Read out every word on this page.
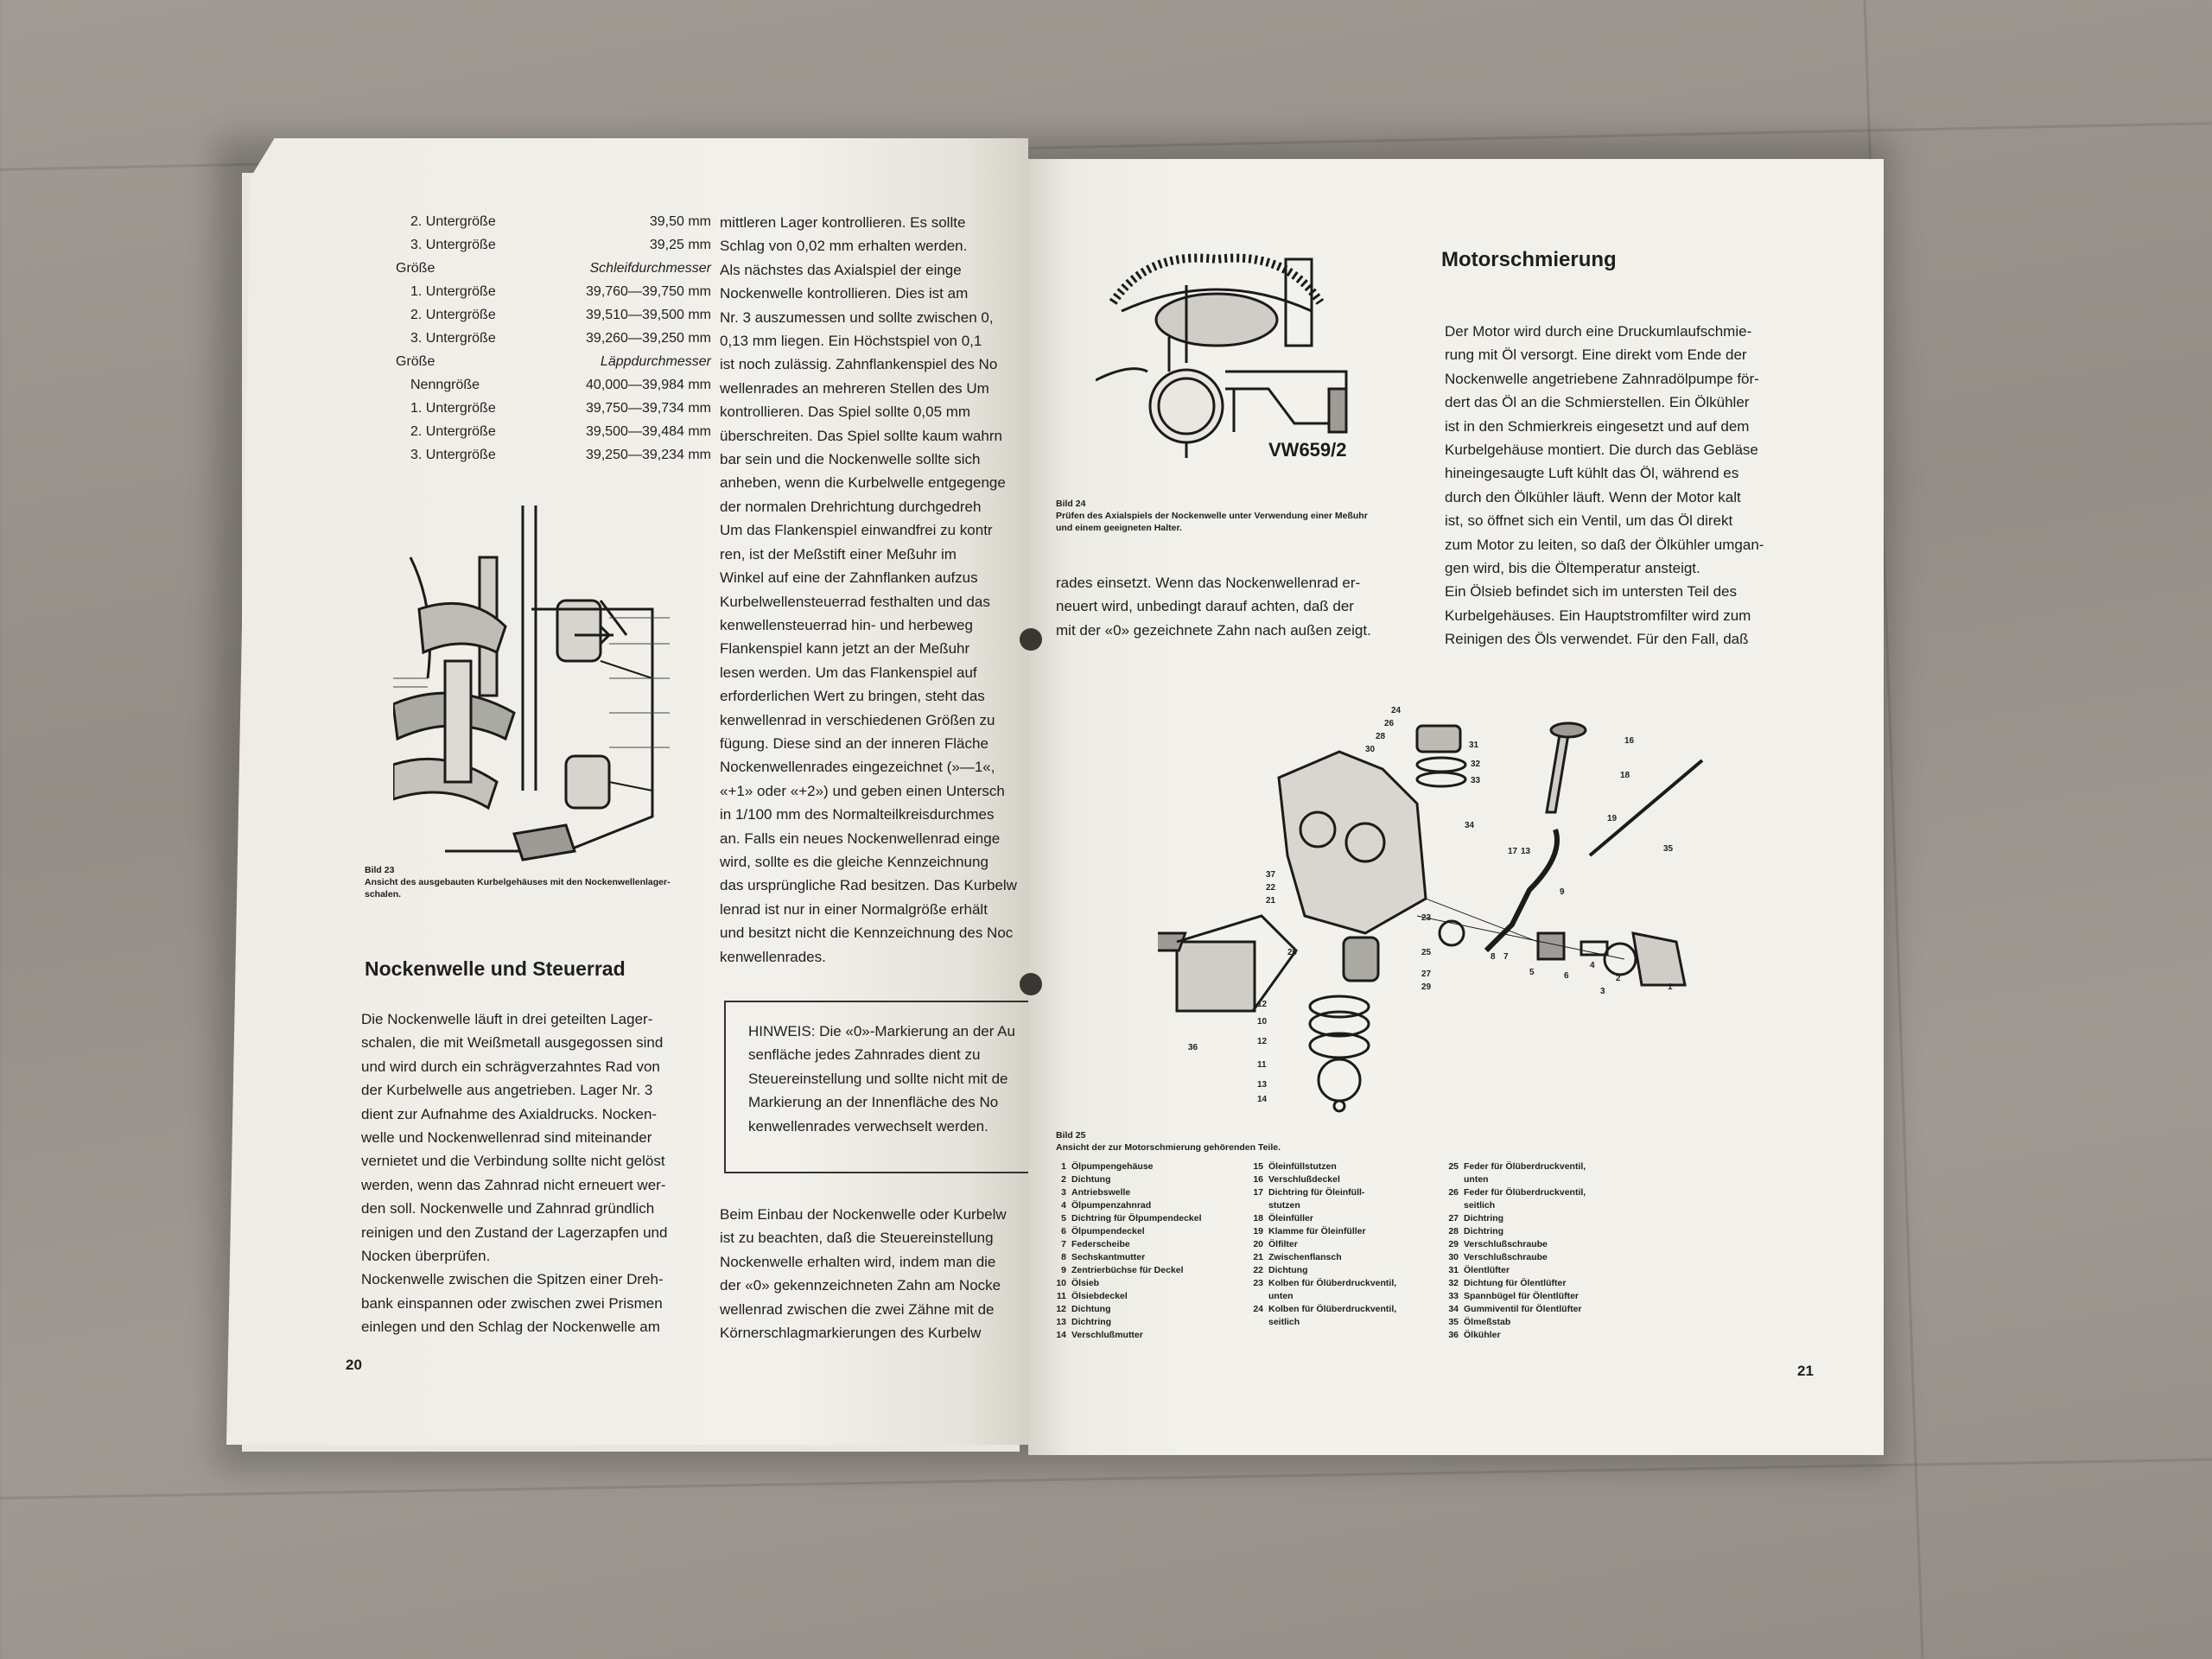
2. Untergröße	39,50 mm
3. Untergröße	39,25 mm
Größe	Schleifdurchmesser
1. Untergröße	39,760—39,750 mm
2. Untergröße	39,510—39,500 mm
3. Untergröße	39,260—39,250 mm
Größe	Läppdurchmesser
Nenngröße	40,000—39,984 mm
1. Untergröße	39,750—39,734 mm
2. Untergröße	39,500—39,484 mm
3. Untergröße	39,250—39,234 mm
Bild 23
Ansicht des ausgebauten Kurbelgehäuses mit den Nockenwellenlager-
schalen.
Nockenwelle und Steuerrad
Die Nockenwelle läuft in drei geteilten Lager-
schalen, die mit Weißmetall ausgegossen sind
und wird durch ein schrägverzahntes Rad von
der Kurbelwelle aus angetrieben. Lager Nr. 3
dient zur Aufnahme des Axialdrucks. Nocken-
welle und Nockenwellenrad sind miteinander
vernietet und die Verbindung sollte nicht gelöst
werden, wenn das Zahnrad nicht erneuert wer-
den soll. Nockenwelle und Zahnrad gründlich
reinigen und den Zustand der Lagerzapfen und
Nocken überprüfen.
Nockenwelle zwischen die Spitzen einer Dreh-
bank einspannen oder zwischen zwei Prismen
einlegen und den Schlag der Nockenwelle am
mittleren Lager kontrollieren. Es sollte
Schlag von 0,02 mm erhalten werden.
Als nächstes das Axialspiel der einge
Nockenwelle kontrollieren. Dies ist am
Nr. 3 auszumessen und sollte zwischen 0,
0,13 mm liegen. Ein Höchstspiel von 0,1
ist noch zulässig. Zahnflankenspiel des No
wellenrades an mehreren Stellen des Um
kontrollieren. Das Spiel sollte 0,05 mm
überschreiten. Das Spiel sollte kaum wahrn
bar sein und die Nockenwelle sollte sich
anheben, wenn die Kurbelwelle entgegenge
der normalen Drehrichtung durchgedreh
Um das Flankenspiel einwandfrei zu kontr
ren, ist der Meßstift einer Meßuhr im
Winkel auf eine der Zahnflanken aufzus
Kurbelwellensteuerrad festhalten und das
kenwellensteuerrad hin- und herbeweg
Flankenspiel kann jetzt an der Meßuhr
lesen werden. Um das Flankenspiel auf
erforderlichen Wert zu bringen, steht das
kenwellenrad in verschiedenen Größen zu
fügung. Diese sind an der inneren Fläche
Nockenwellenrades eingezeichnet (»—1«,
«+1» oder «+2») und geben einen Untersch
in 1/100 mm des Normalteilkreisdurchmes
an. Falls ein neues Nockenwellenrad einge
wird, sollte es die gleiche Kennzeichnung
das ursprüngliche Rad besitzen. Das Kurbelw
lenrad ist nur in einer Normalgröße erhält
und besitzt nicht die Kennzeichnung des Noc
kenwellenrades.
HINWEIS: Die «0»-Markierung an der Au
senfläche jedes Zahnrades dient zu
Steuereinstellung und sollte nicht mit de
Markierung an der Innenfläche des No
kenwellenrades verwechselt werden.
Beim Einbau der Nockenwelle oder Kurbelw
ist zu beachten, daß die Steuereinstellung
Nockenwelle erhalten wird, indem man die
der «0» gekennzeichneten Zahn am Nocke
wellenrad zwischen die zwei Zähne mit de
Körnerschlagmarkierungen des Kurbelw
20
VW659/2
Bild 24
Prüfen des Axialspiels der Nockenwelle unter Verwendung einer Meßuhr
und einem geeigneten Halter.
rades einsetzt. Wenn das Nockenwellenrad er-
neuert wird, unbedingt darauf achten, daß der
mit der «0» gezeichnete Zahn nach außen zeigt.
Motorschmierung
Der Motor wird durch eine Druckumlaufschmie-
rung mit Öl versorgt. Eine direkt vom Ende der
Nockenwelle angetriebene Zahnradölpumpe för-
dert das Öl an die Schmierstellen. Ein Ölkühler
ist in den Schmierkreis eingesetzt und auf dem
Kurbelgehäuse montiert. Die durch das Gebläse
hineingesaugte Luft kühlt das Öl, während es
durch den Ölkühler läuft. Wenn der Motor kalt
ist, so öffnet sich ein Ventil, um das Öl direkt
zum Motor zu leiten, so daß der Ölkühler umgan-
gen wird, bis die Öltemperatur ansteigt.
Ein Ölsieb befindet sich im untersten Teil des
Kurbelgehäuses. Ein Hauptstromfilter wird zum
Reinigen des Öls verwendet. Für den Fall, daß
24
26
28
30	31
32
33
16
18
19
34
35
17 13
9
37
22
21
20
23
25
27
29
8 7
5	6
4
3
2
1
12
10
12
11
13
14
36
Bild 25
Ansicht der zur Motorschmierung gehörenden Teile.
1 Ölpumpengehäuse
2 Dichtung
3 Antriebswelle
4 Ölpumpenzahnrad
5 Dichtring für Ölpumpendeckel
6 Ölpumpendeckel
7 Federscheibe
8 Sechskantmutter
9 Zentrierbüchse für Deckel
10 Ölsieb
11 Ölsiebdeckel
12 Dichtung
13 Dichtring
14 Verschlußmutter
15 Öleinfüllstutzen
16 Verschlußdeckel
17 Dichtring für Öleinfüll-
stutzen
18 Öleinfüller
19 Klamme für Öleinfüller
20 Ölfilter
21 Zwischenflansch
22 Dichtung
23 Kolben für Ölüberdruckventil,
unten
24 Kolben für Ölüberdruckventil,
seitlich
25 Feder für Ölüberdruckventil,
unten
26 Feder für Ölüberdruckventil,
seitlich
27 Dichtring
28 Dichtring
29 Verschlußschraube
30 Verschlußschraube
31 Ölentlüfter
32 Dichtung für Ölentlüfter
33 Spannbügel für Ölentlüfter
34 Gummiventil für Ölentlüfter
35 Ölmeßstab
36 Ölkühler
21
